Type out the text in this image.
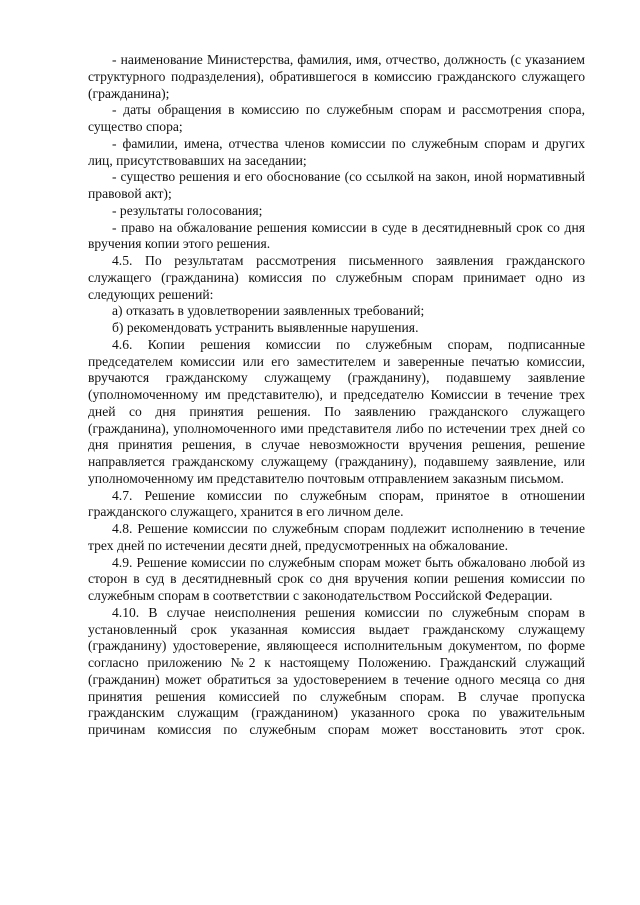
- наименование Министерства, фамилия, имя, отчество, должность (с указанием структурного подразделения), обратившегося в комиссию гражданского служащего (гражданина);

- даты обращения в комиссию по служебным спорам и рассмотрения спора, существо спора;

- фамилии, имена, отчества членов комиссии по служебным спорам и других лиц, присутствовавших на заседании;

- существо решения и его обоснование (со ссылкой на закон, иной нормативный правовой акт);

- результаты голосования;

- право на обжалование решения комиссии в суде в десятидневный срок со дня вручения копии этого решения.

4.5. По результатам рассмотрения письменного заявления гражданского служащего (гражданина) комиссия по служебным спорам принимает одно из следующих решений:

а) отказать в удовлетворении заявленных требований;

б) рекомендовать устранить выявленные нарушения.

4.6. Копии решения комиссии по служебным спорам, подписанные председателем комиссии или его заместителем и заверенные печатью комиссии, вручаются гражданскому служащему (гражданину), подавшему заявление (уполномоченному им представителю), и председателю Комиссии в течение трех дней со дня принятия решения. По заявлению гражданского служащего (гражданина), уполномоченного ими представителя либо по истечении трех дней со дня принятия решения, в случае невозможности вручения решения, решение направляется гражданскому служащему (гражданину), подавшему заявление, или уполномоченному им представителю почтовым отправлением заказным письмом.

4.7. Решение комиссии по служебным спорам, принятое в отношении гражданского служащего, хранится в его личном деле.

4.8. Решение комиссии по служебным спорам подлежит исполнению в течение трех дней по истечении десяти дней, предусмотренных на обжалование.

4.9. Решение комиссии по служебным спорам может быть обжаловано любой из сторон в суд в десятидневный срок со дня вручения копии решения комиссии по служебным спорам в соответствии с законодательством Российской Федерации.

4.10. В случае неисполнения решения комиссии по служебным спорам в установленный срок указанная комиссия выдает гражданскому служащему (гражданину) удостоверение, являющееся исполнительным документом, по форме согласно приложению №2 к настоящему Положению. Гражданский служащий (гражданин) может обратиться за удостоверением в течение одного месяца со дня принятия решения комиссией по служебным спорам. В случае пропуска гражданским служащим (гражданином) указанного срока по уважительным причинам комиссия по служебным спорам может восстановить этот срок.
